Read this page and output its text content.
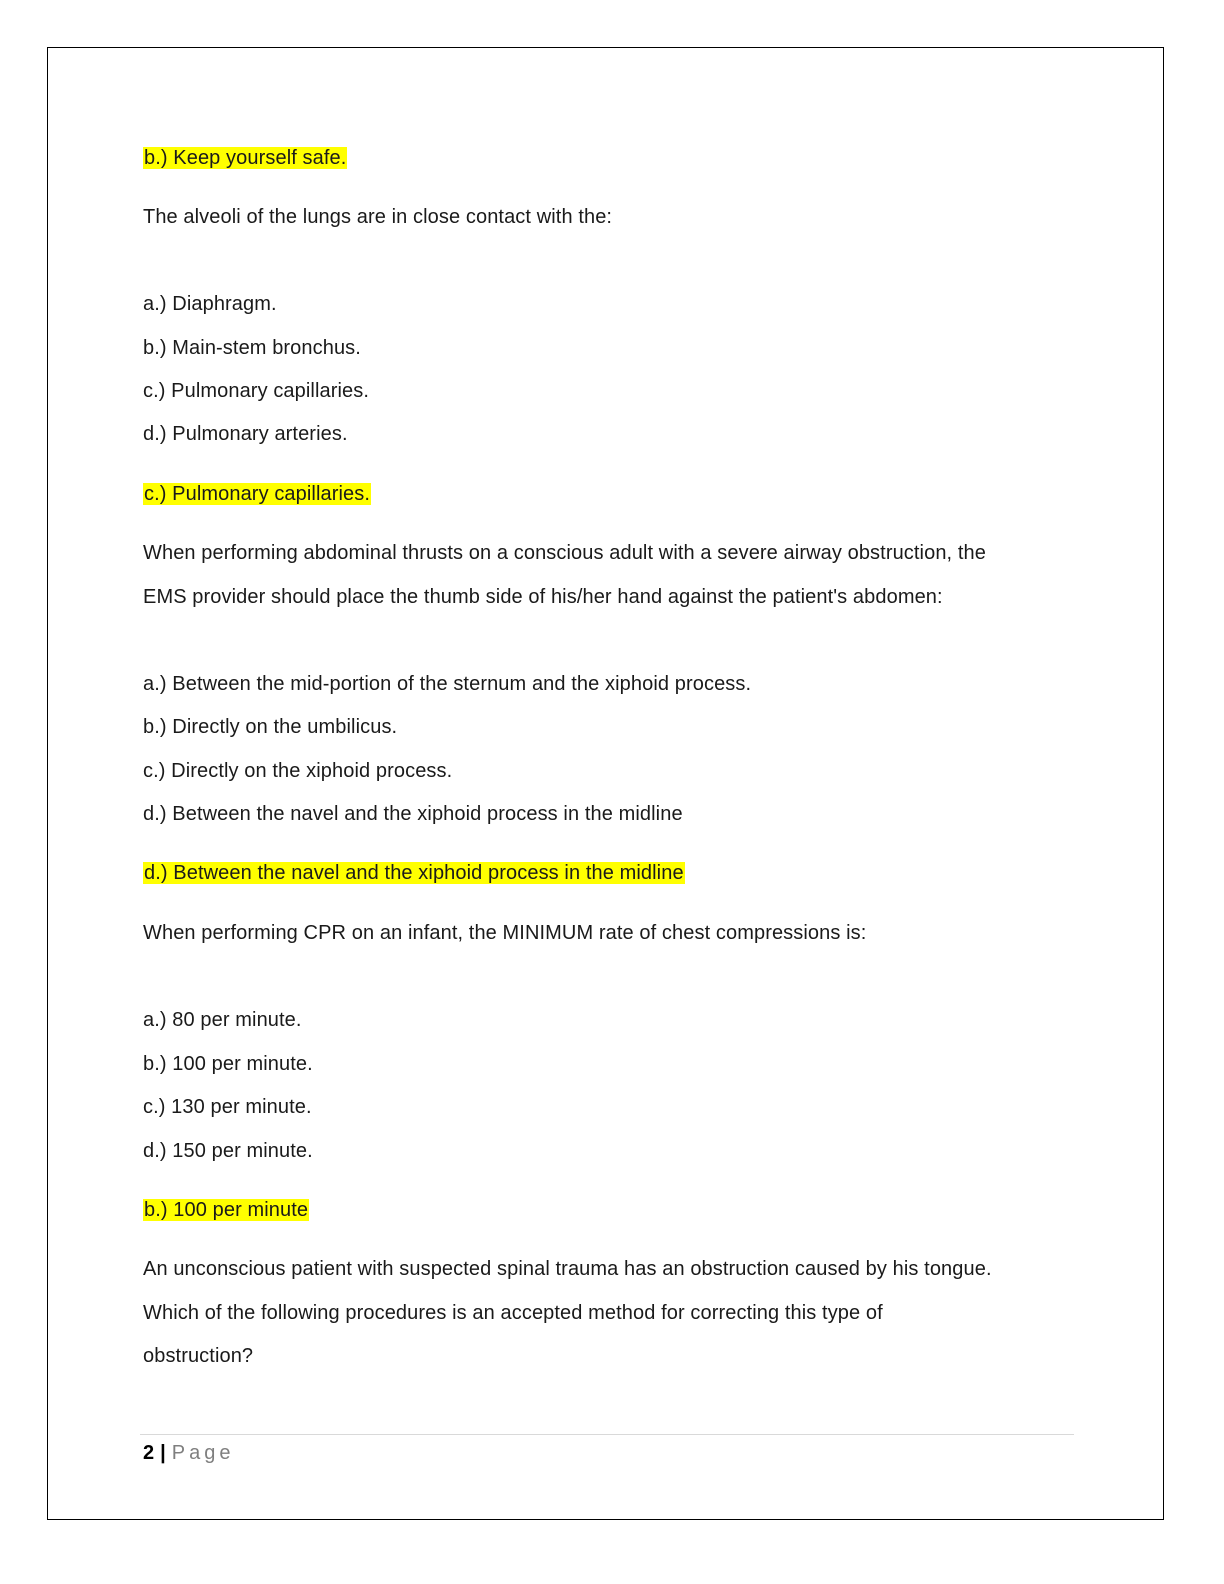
b.) Keep yourself safe.
The alveoli of the lungs are in close contact with the:
a.) Diaphragm.
b.) Main-stem bronchus.
c.) Pulmonary capillaries.
d.) Pulmonary arteries.
c.) Pulmonary capillaries.
When performing abdominal thrusts on a conscious adult with a severe airway obstruction, the
EMS provider should place the thumb side of his/her hand against the patient's abdomen:
a.) Between the mid-portion of the sternum and the xiphoid process.
b.) Directly on the umbilicus.
c.) Directly on the xiphoid process.
d.) Between the navel and the xiphoid process in the midline
d.) Between the navel and the xiphoid process in the midline
When performing CPR on an infant, the MINIMUM rate of chest compressions is:
a.) 80 per minute.
b.) 100 per minute.
c.) 130 per minute.
d.) 150 per minute.
b.) 100 per minute
An unconscious patient with suspected spinal trauma has an obstruction caused by his tongue.
Which of the following procedures is an accepted method for correcting this type of
obstruction?
2 | Page
